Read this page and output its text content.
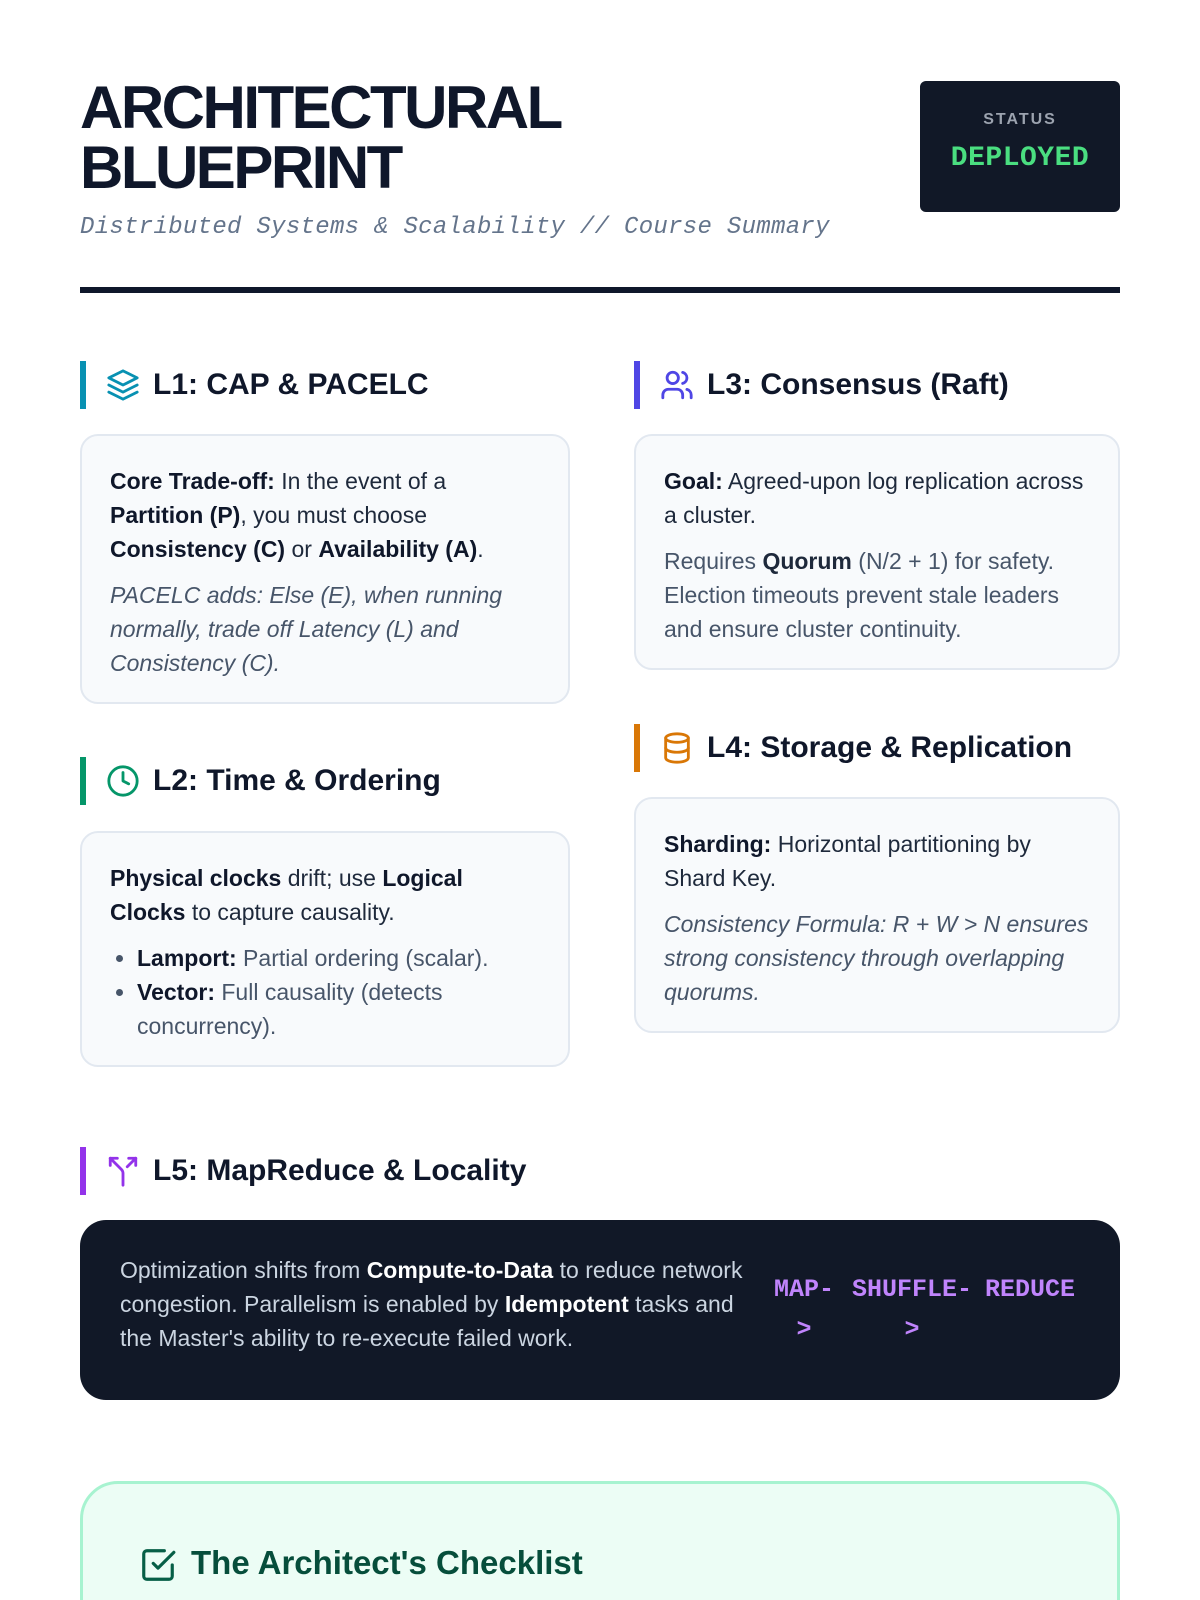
ARCHITECTURAL
BLUEPRINT
Distributed Systems & Scalability // Course Summary
STATUS
DEPLOYED
L1: CAP & PACELC
Core Trade-off: In the event of a Partition (P), you must choose Consistency (C) or Availability (A).
PACELC adds: Else (E), when running normally, trade off Latency (L) and Consistency (C).
L2: Time & Ordering
Physical clocks drift; use Logical Clocks to capture causality.
• Lamport: Partial ordering (scalar).
• Vector: Full causality (detects concurrency).
L3: Consensus (Raft)
Goal: Agreed-upon log replication across a cluster.
Requires Quorum (N/2 + 1) for safety. Election timeouts prevent stale leaders and ensure cluster continuity.
L4: Storage & Replication
Sharding: Horizontal partitioning by Shard Key.
Consistency Formula: R + W > N ensures strong consistency through overlapping quorums.
L5: MapReduce & Locality
Optimization shifts from Compute-to-Data to reduce network congestion. Parallelism is enabled by Idempotent tasks and the Master's ability to re-execute failed work.
MAP-
>
SHUFFLE-
>
REDUCE
The Architect's Checklist
